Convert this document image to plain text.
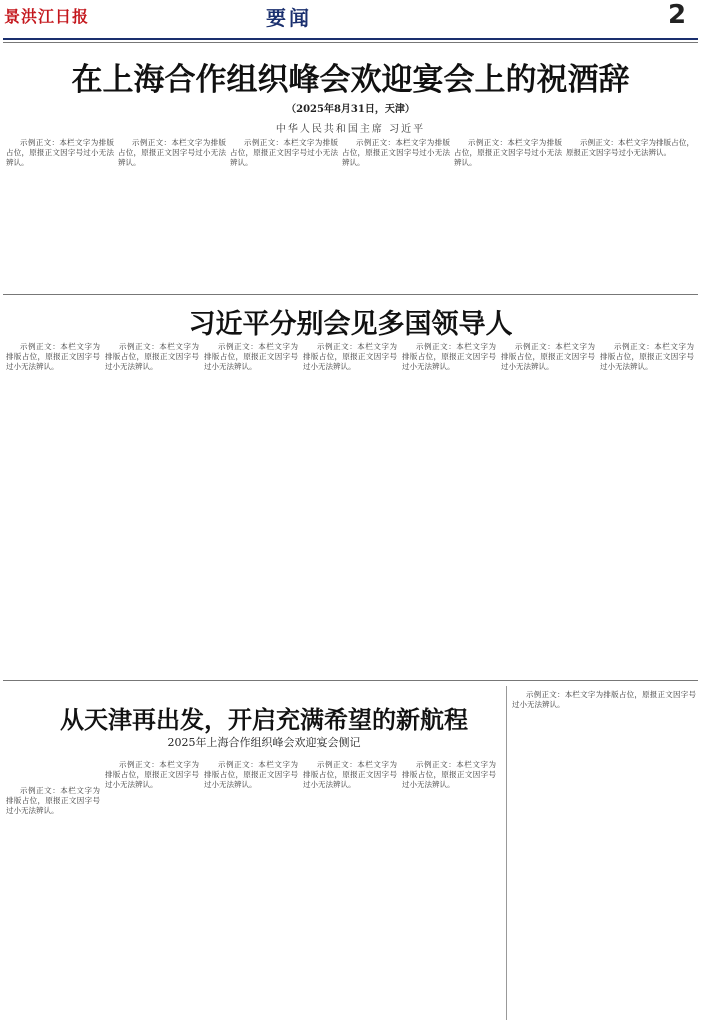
景洪江日报	要闻	2
在上海合作组织峰会欢迎宴会上的祝酒辞
（2025年8月31日，天津）
中华人民共和国主席 习近平
示例正文：本栏文字为排版占位，原报正文因字号过小无法辨认。
示例正文：本栏文字为排版占位，原报正文因字号过小无法辨认。
示例正文：本栏文字为排版占位，原报正文因字号过小无法辨认。
示例正文：本栏文字为排版占位，原报正文因字号过小无法辨认。
示例正文：本栏文字为排版占位，原报正文因字号过小无法辨认。
示例正文：本栏文字为排版占位，原报正文因字号过小无法辨认。
习近平分别会见多国领导人
示例正文：本栏文字为排版占位，原报正文因字号过小无法辨认。
示例正文：本栏文字为排版占位，原报正文因字号过小无法辨认。
示例正文：本栏文字为排版占位，原报正文因字号过小无法辨认。
示例正文：本栏文字为排版占位，原报正文因字号过小无法辨认。
示例正文：本栏文字为排版占位，原报正文因字号过小无法辨认。
示例正文：本栏文字为排版占位，原报正文因字号过小无法辨认。
示例正文：本栏文字为排版占位，原报正文因字号过小无法辨认。
从天津再出发，开启充满希望的新航程
2025年上海合作组织峰会欢迎宴会侧记
示例正文：本栏文字为排版占位，原报正文因字号过小无法辨认。
示例正文：本栏文字为排版占位，原报正文因字号过小无法辨认。
示例正文：本栏文字为排版占位，原报正文因字号过小无法辨认。
示例正文：本栏文字为排版占位，原报正文因字号过小无法辨认。
示例正文：本栏文字为排版占位，原报正文因字号过小无法辨认。
示例正文：本栏文字为排版占位，原报正文因字号过小无法辨认。
